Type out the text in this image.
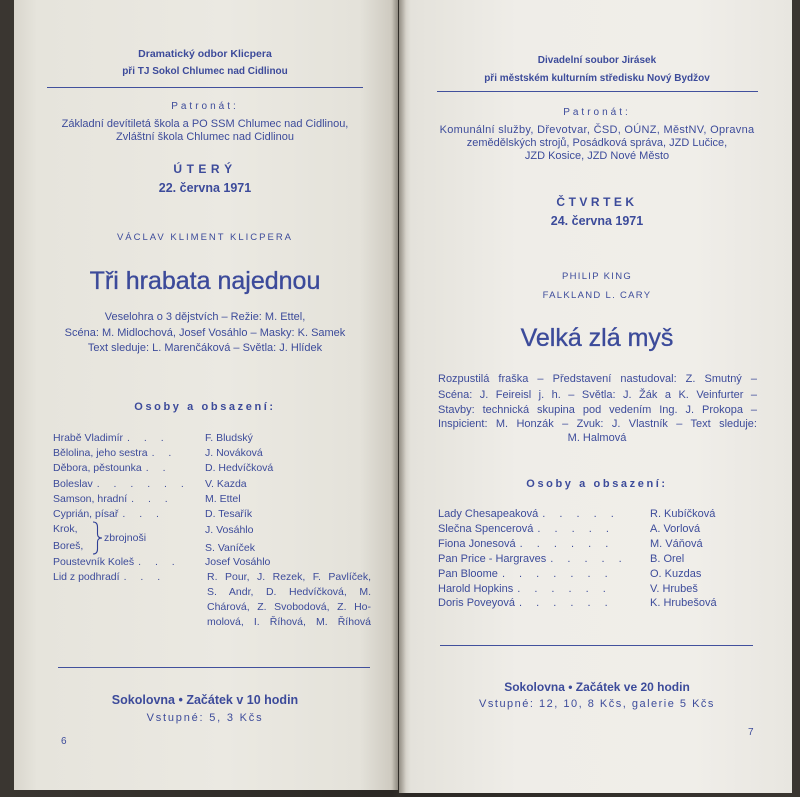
Dramatický odbor Klicpera
při TJ Sokol Chlumec nad Cidlinou
Patronát:
Základní devítiletá škola a PO SSM Chlumec nad Cidlinou,
Zvláštní škola Chlumec nad Cidlinou
ÚTERÝ
22. června 1971
VÁCLAV KLIMENT KLICPERA
Tři hrabata najednou
Veselohra o 3 dějstvích – Režie: M. Ettel,
Scéna: M. Midlochová, Josef Vosáhlo – Masky: K. Samek
Text sleduje: L. Marenčáková – Světla: J. Hlídek
Osoby a obsazení:
Hrabě Vladimír . . .	F. Bludský
Bělolina, jeho sestra . .	J. Nováková
Děbora, pěstounka . .	D. Hedvíčková
Boleslav . . . . . .	V. Kazda
Samson, hradní . . .	M. Ettel
Cyprián, písař . . .	D. Tesařík
Krok,	J. Vosáhlo
Boreš,	S. Vaníček
zbrojnoši
Poustevník Koleš . . .	Josef Vosáhlo
Lid z podhradí . . .	R. Pour, J. Rezek, F. Pavlíček,
S. Andr, D. Hedvíčková, M.
Chárová, Z. Svobodová, Z. Ho-
molová, I. Říhová, M. Říhová
Sokolovna • Začátek v 10 hodin
Vstupné: 5, 3 Kčs
6
Divadelní soubor Jirásek
při městském kulturním středisku Nový Bydžov
Patronát:
Komunální služby, Dřevotvar, ČSD, OÚNZ, MěstNV, Opravna
zemědělských strojů, Posádková správa, JZD Lučice,
JZD Kosice, JZD Nové Město
ČTVRTEK
24. června 1971
PHILIP KING
FALKLAND L. CARY
Velká zlá myš
Rozpustilá fraška – Představení nastudoval: Z. Smutný –
Scéna: J. Feireisl j. h. – Světla: J. Žák a K. Veinfurter –
Stavby: technická skupina pod vedením Ing. J. Prokopa –
Inspicient: M. Honzák – Zvuk: J. Vlastník – Text sleduje:
M. Halmová
Osoby a obsazení:
Lady Chesapeaková . . . . .	R. Kubíčková
Slečna Spencerová . . . . .	A. Vorlová
Fiona Jonesová . . . . . .	M. Váňová
Pan Price - Hargraves . . . . .	B. Orel
Pan Bloome . . . . . . .	O. Kuzdas
Harold Hopkins . . . . . .	V. Hrubeš
Doris Poveyová . . . . . .	K. Hrubešová
Sokolovna • Začátek ve 20 hodin
Vstupné: 12, 10, 8 Kčs, galerie 5 Kčs
7
